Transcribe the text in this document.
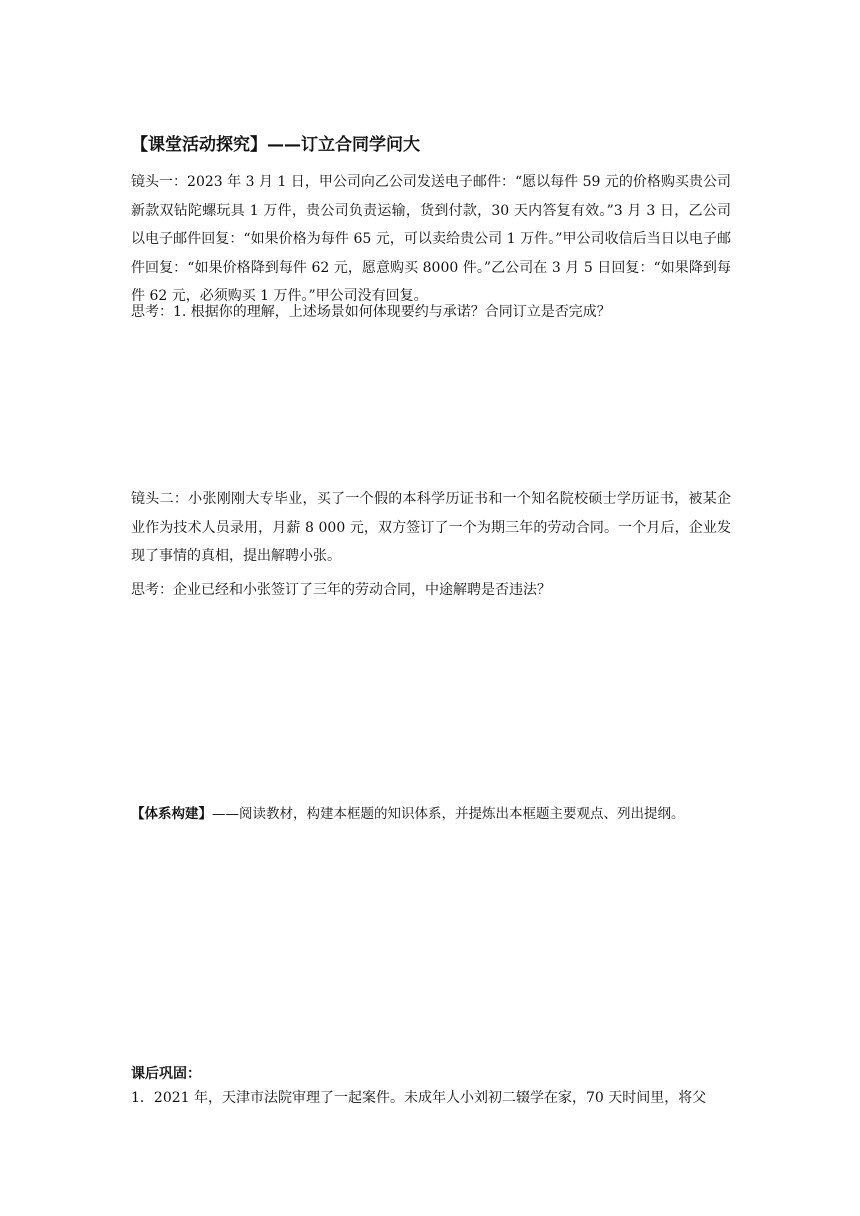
【课堂活动探究】——订立合同学问大
镜头一：2023 年 3 月 1 日，甲公司向乙公司发送电子邮件：“愿以每件 59 元的价格购买贵公司新款双钻陀螺玩具 1 万件，贵公司负责运输，货到付款，30 天内答复有效。”3 月 3 日，乙公司以电子邮件回复：“如果价格为每件 65 元，可以卖给贵公司 1 万件。”甲公司收信后当日以电子邮件回复：“如果价格降到每件 62 元，愿意购买 8000 件。”乙公司在 3 月 5 日回复：“如果降到每件 62 元，必须购买 1 万件。”甲公司没有回复。
思考：1. 根据你的理解，上述场景如何体现要约与承诺？合同订立是否完成？
镜头二：小张刚刚大专毕业，买了一个假的本科学历证书和一个知名院校硕士学历证书，被某企业作为技术人员录用，月薪 8 000 元，双方签订了一个为期三年的劳动合同。一个月后，企业发现了事情的真相，提出解聘小张。
思考：企业已经和小张签订了三年的劳动合同，中途解聘是否违法？
【体系构建】——阅读教材，构建本框题的知识体系，并提炼出本框题主要观点、列出提纲。
课后巩固：
1．2021 年，天津市法院审理了一起案件。未成年人小刘初二辍学在家，70 天时间里，将父
